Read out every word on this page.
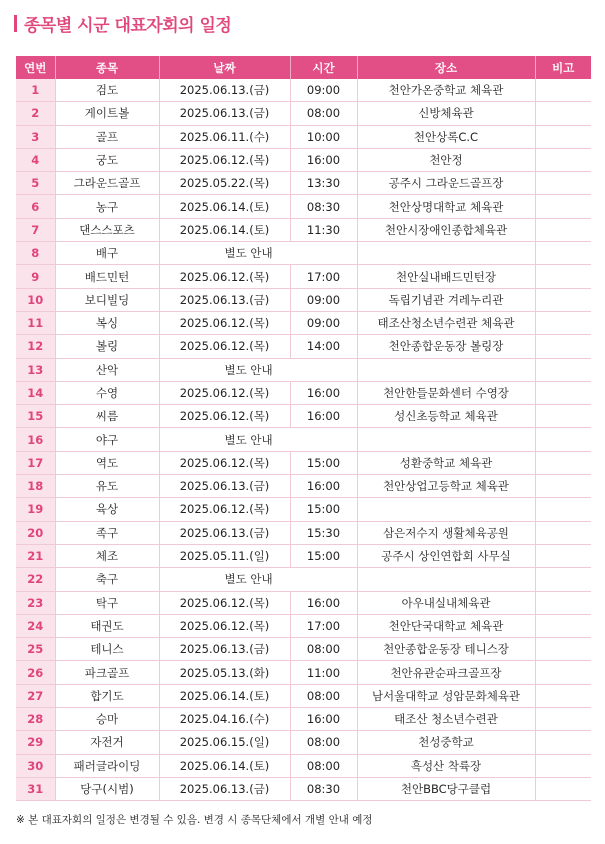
종목별 시군 대표자회의 일정
연번	종목	날짜	시간	장소	비고
1	검도	2025.06.13.(금)	09:00	천안가온중학교 체육관	
2	게이트볼	2025.06.13.(금)	08:00	신방체육관	
3	골프	2025.06.11.(수)	10:00	천안상록C.C	
4	궁도	2025.06.12.(목)	16:00	천안정	
5	그라운드골프	2025.05.22.(목)	13:30	공주시 그라운드골프장	
6	농구	2025.06.14.(토)	08:30	천안상명대학교 체육관	
7	댄스스포츠	2025.06.14.(토)	11:30	천안시장애인종합체육관	
8	배구	별도 안내			
9	배드민턴	2025.06.12.(목)	17:00	천안실내배드민턴장	
10	보디빌딩	2025.06.13.(금)	09:00	독립기념관 겨레누리관	
11	복싱	2025.06.12.(목)	09:00	태조산청소년수련관 체육관	
12	볼링	2025.06.12.(목)	14:00	천안종합운동장 볼링장	
13	산악	별도 안내			
14	수영	2025.06.12.(목)	16:00	천안한들문화센터 수영장	
15	씨름	2025.06.12.(목)	16:00	성신초등학교 체육관	
16	야구	별도 안내			
17	역도	2025.06.12.(목)	15:00	성환중학교 체육관	
18	유도	2025.06.13.(금)	16:00	천안상업고등학교 체육관	
19	육상	2025.06.12.(목)	15:00		
20	족구	2025.06.13.(금)	15:30	삼은저수지 생활체육공원	
21	체조	2025.05.11.(일)	15:00	공주시 상인연합회 사무실	
22	축구	별도 안내			
23	탁구	2025.06.12.(목)	16:00	아우내실내체육관	
24	태권도	2025.06.12.(목)	17:00	천안단국대학교 체육관	
25	테니스	2025.06.13.(금)	08:00	천안종합운동장 테니스장	
26	파크골프	2025.05.13.(화)	11:00	천안유관순파크골프장	
27	합기도	2025.06.14.(토)	08:00	남서울대학교 성암문화체육관	
28	승마	2025.04.16.(수)	16:00	태조산 청소년수련관	
29	자전거	2025.06.15.(일)	08:00	천성중학교	
30	패러글라이딩	2025.06.14.(토)	08:00	흑성산 착륙장	
31	당구(시범)	2025.06.13.(금)	08:30	천안BBC당구클럽	
※ 본 대표자회의 일정은 변경될 수 있음. 변경 시 종목단체에서 개별 안내 예정
